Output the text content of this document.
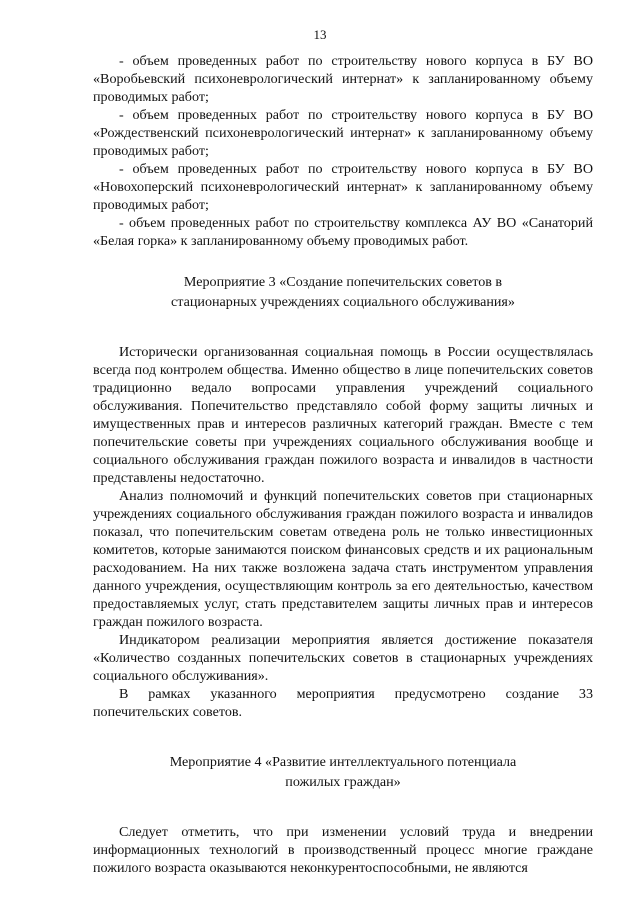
13

- объем проведенных работ по строительству нового корпуса в БУ ВО «Воробьевский психоневрологический интернат» к запланированному объему проводимых работ;

- объем проведенных работ по строительству нового корпуса в БУ ВО «Рождественский психоневрологический интернат» к запланированному объему проводимых работ;

- объем проведенных работ по строительству нового корпуса в БУ ВО «Новохоперский психоневрологический интернат» к запланированному объему проводимых работ;

- объем проведенных работ по строительству комплекса АУ ВО «Санаторий «Белая горка» к запланированному объему проводимых работ.

Мероприятие 3 «Создание попечительских советов в
стационарных учреждениях социального обслуживания»

Исторически организованная социальная помощь в России осуществлялась всегда под контролем общества. Именно общество в лице попечительских советов традиционно ведало вопросами управления учреждений социального обслуживания. Попечительство представляло собой форму защиты личных и имущественных прав и интересов различных категорий граждан. Вместе с тем попечительские советы при учреждениях социального обслуживания вообще и социального обслуживания граждан пожилого возраста и инвалидов в частности представлены недостаточно.

Анализ полномочий и функций попечительских советов при стационарных учреждениях социального обслуживания граждан пожилого возраста и инвалидов показал, что попечительским советам отведена роль не только инвестиционных комитетов, которые занимаются поиском финансовых средств и их рациональным расходованием. На них также возложена задача стать инструментом управления данного учреждения, осуществляющим контроль за его деятельностью, качеством предоставляемых услуг, стать представителем защиты личных прав и интересов граждан пожилого возраста.

Индикатором реализации мероприятия является достижение показателя «Количество созданных попечительских советов в стационарных учреждениях социального обслуживания».

В рамках указанного мероприятия предусмотрено создание 33 попечительских советов.

Мероприятие 4 «Развитие интеллектуального потенциала
пожилых граждан»

Следует отметить, что при изменении условий труда и внедрении информационных технологий в производственный процесс многие граждане пожилого возраста оказываются неконкурентоспособными, не являются
